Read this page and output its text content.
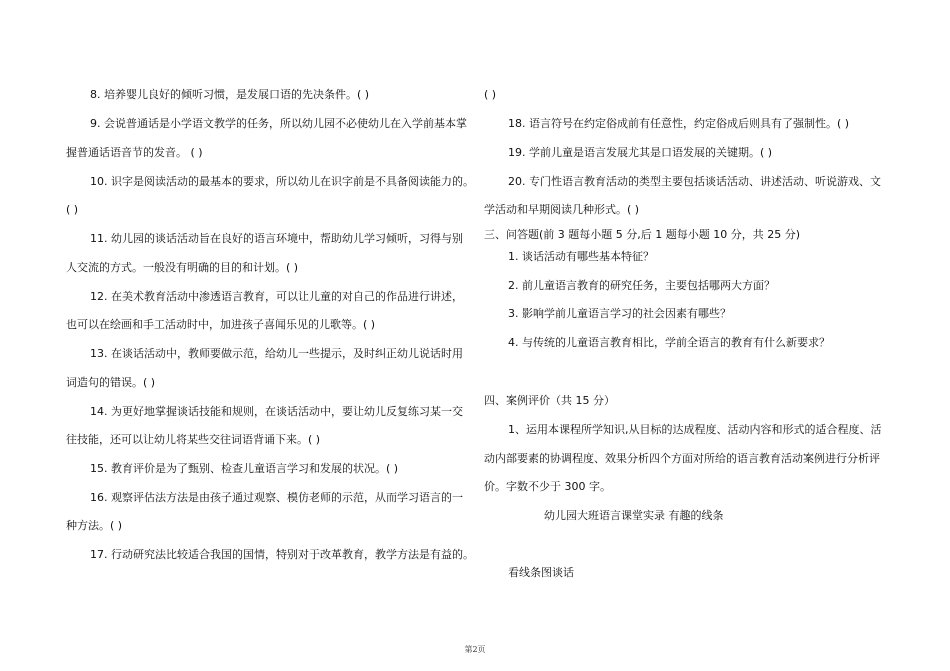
8. 培养婴儿良好的倾听习惯，是发展口语的先决条件。( )
9. 会说普通话是小学语文教学的任务，所以幼儿园不必使幼儿在入学前基本掌
握普通话语音节的发音。 ( )
10. 识字是阅读活动的最基本的要求，所以幼儿在识字前是不具备阅读能力的。
( )
11. 幼儿园的谈话活动旨在良好的语言环境中，帮助幼儿学习倾听，习得与别
人交流的方式。一般没有明确的目的和计划。( )
12. 在美术教育活动中渗透语言教育，可以让儿童的对自己的作品进行讲述，
也可以在绘画和手工活动时中，加进孩子喜闻乐见的儿歌等。( )
13. 在谈话活动中，教师要做示范，给幼儿一些提示，及时纠正幼儿说话时用
词造句的错误。( )
14. 为更好地掌握谈话技能和规则，在谈话活动中，要让幼儿反复练习某一交
往技能，还可以让幼儿将某些交往词语背诵下来。( )
15. 教育评价是为了甄别、检查儿童语言学习和发展的状况。( )
16. 观察评估法方法是由孩子通过观察、模仿老师的示范，从而学习语言的一
种方法。( )
17. 行动研究法比较适合我国的国情，特别对于改革教育，教学方法是有益的。
( )
18. 语言符号在约定俗成前有任意性，约定俗成后则具有了强制性。( )
19. 学前儿童是语言发展尤其是口语发展的关键期。( )
20. 专门性语言教育活动的类型主要包括谈话活动、讲述活动、听说游戏、文
学活动和早期阅读几种形式。( )
三、问答题(前 3 题每小题 5 分,后 1 题每小题 10 分，共 25 分)
1. 谈话活动有哪些基本特征？
2. 前儿童语言教育的研究任务，主要包括哪两大方面？
3. 影响学前儿童语言学习的社会因素有哪些？
4. 与传统的儿童语言教育相比，学前全语言的教育有什么新要求？
四、案例评价（共 15 分）
1、运用本课程所学知识,从目标的达成程度、活动内容和形式的适合程度、活
动内部要素的协调程度、效果分析四个方面对所给的语言教育活动案例进行分析评
价。字数不少于 300 字。
幼儿园大班语言课堂实录 有趣的线条
看线条图谈话
第2页
